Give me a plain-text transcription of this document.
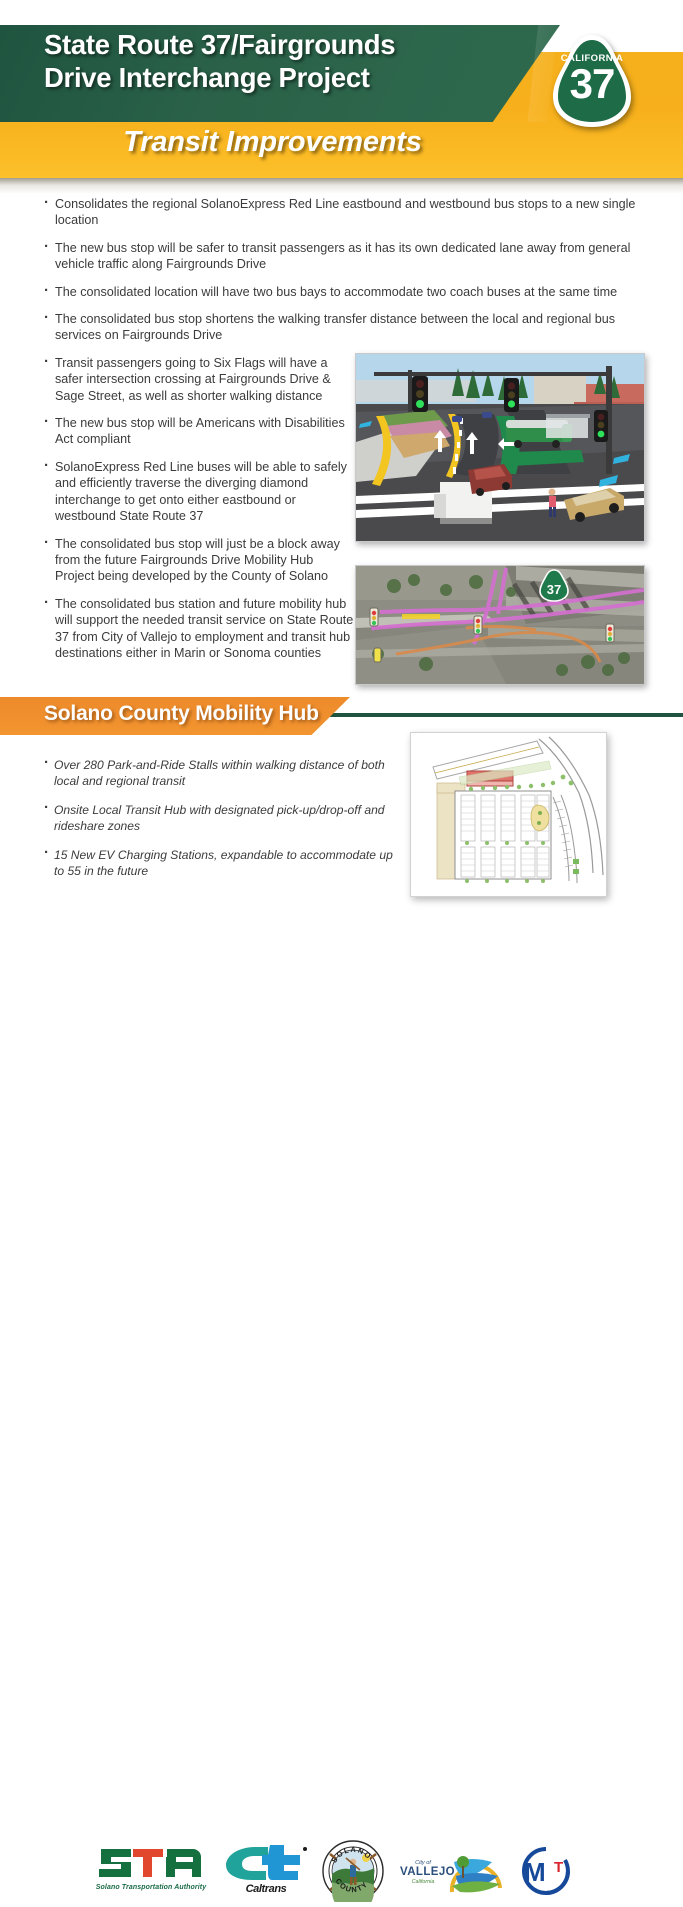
State Route 37/Fairgrounds
Drive Interchange Project
Transit Improvements
CALIFORNIA
37
· Consolidates the regional SolanoExpress Red Line eastbound and westbound bus stops to a new single location
· The new bus stop will be safer to transit passengers as it has its own dedicated lane away from general vehicle traffic along Fairgrounds Drive
· The consolidated location will have two bus bays to accommodate two coach buses at the same time
· The consolidated bus stop shortens the walking transfer distance between the local and regional bus services on Fairgrounds Drive
· Transit passengers going to Six Flags will have a safer intersection crossing at Fairgrounds Drive & Sage Street, as well as shorter walking distance
· The new bus stop will be Americans with Disabilities Act compliant
· SolanoExpress Red Line buses will be able to safely and efficiently traverse the diverging diamond interchange to get onto either eastbound or westbound State Route 37
· The consolidated bus stop will just be a block away from the future Fairgrounds Drive Mobility Hub Project being developed by the County of Solano
· The consolidated bus station and future mobility hub will support the needed transit service on State Route 37 from City of Vallejo to employment and transit hub destinations either in Marin or Sonoma counties
37
Solano County Mobility Hub
· Over 280 Park-and-Ride Stalls within walking distance of both local and regional transit
· Onsite Local Transit Hub with designated pick-up/drop-off and rideshare zones
· 15 New EV Charging Stations, expandable to accommodate up to 55 in the future
Solano Transportation Authority	Caltrans
SOLANO
COUNTY
City of
VALLEJO
California	M T
